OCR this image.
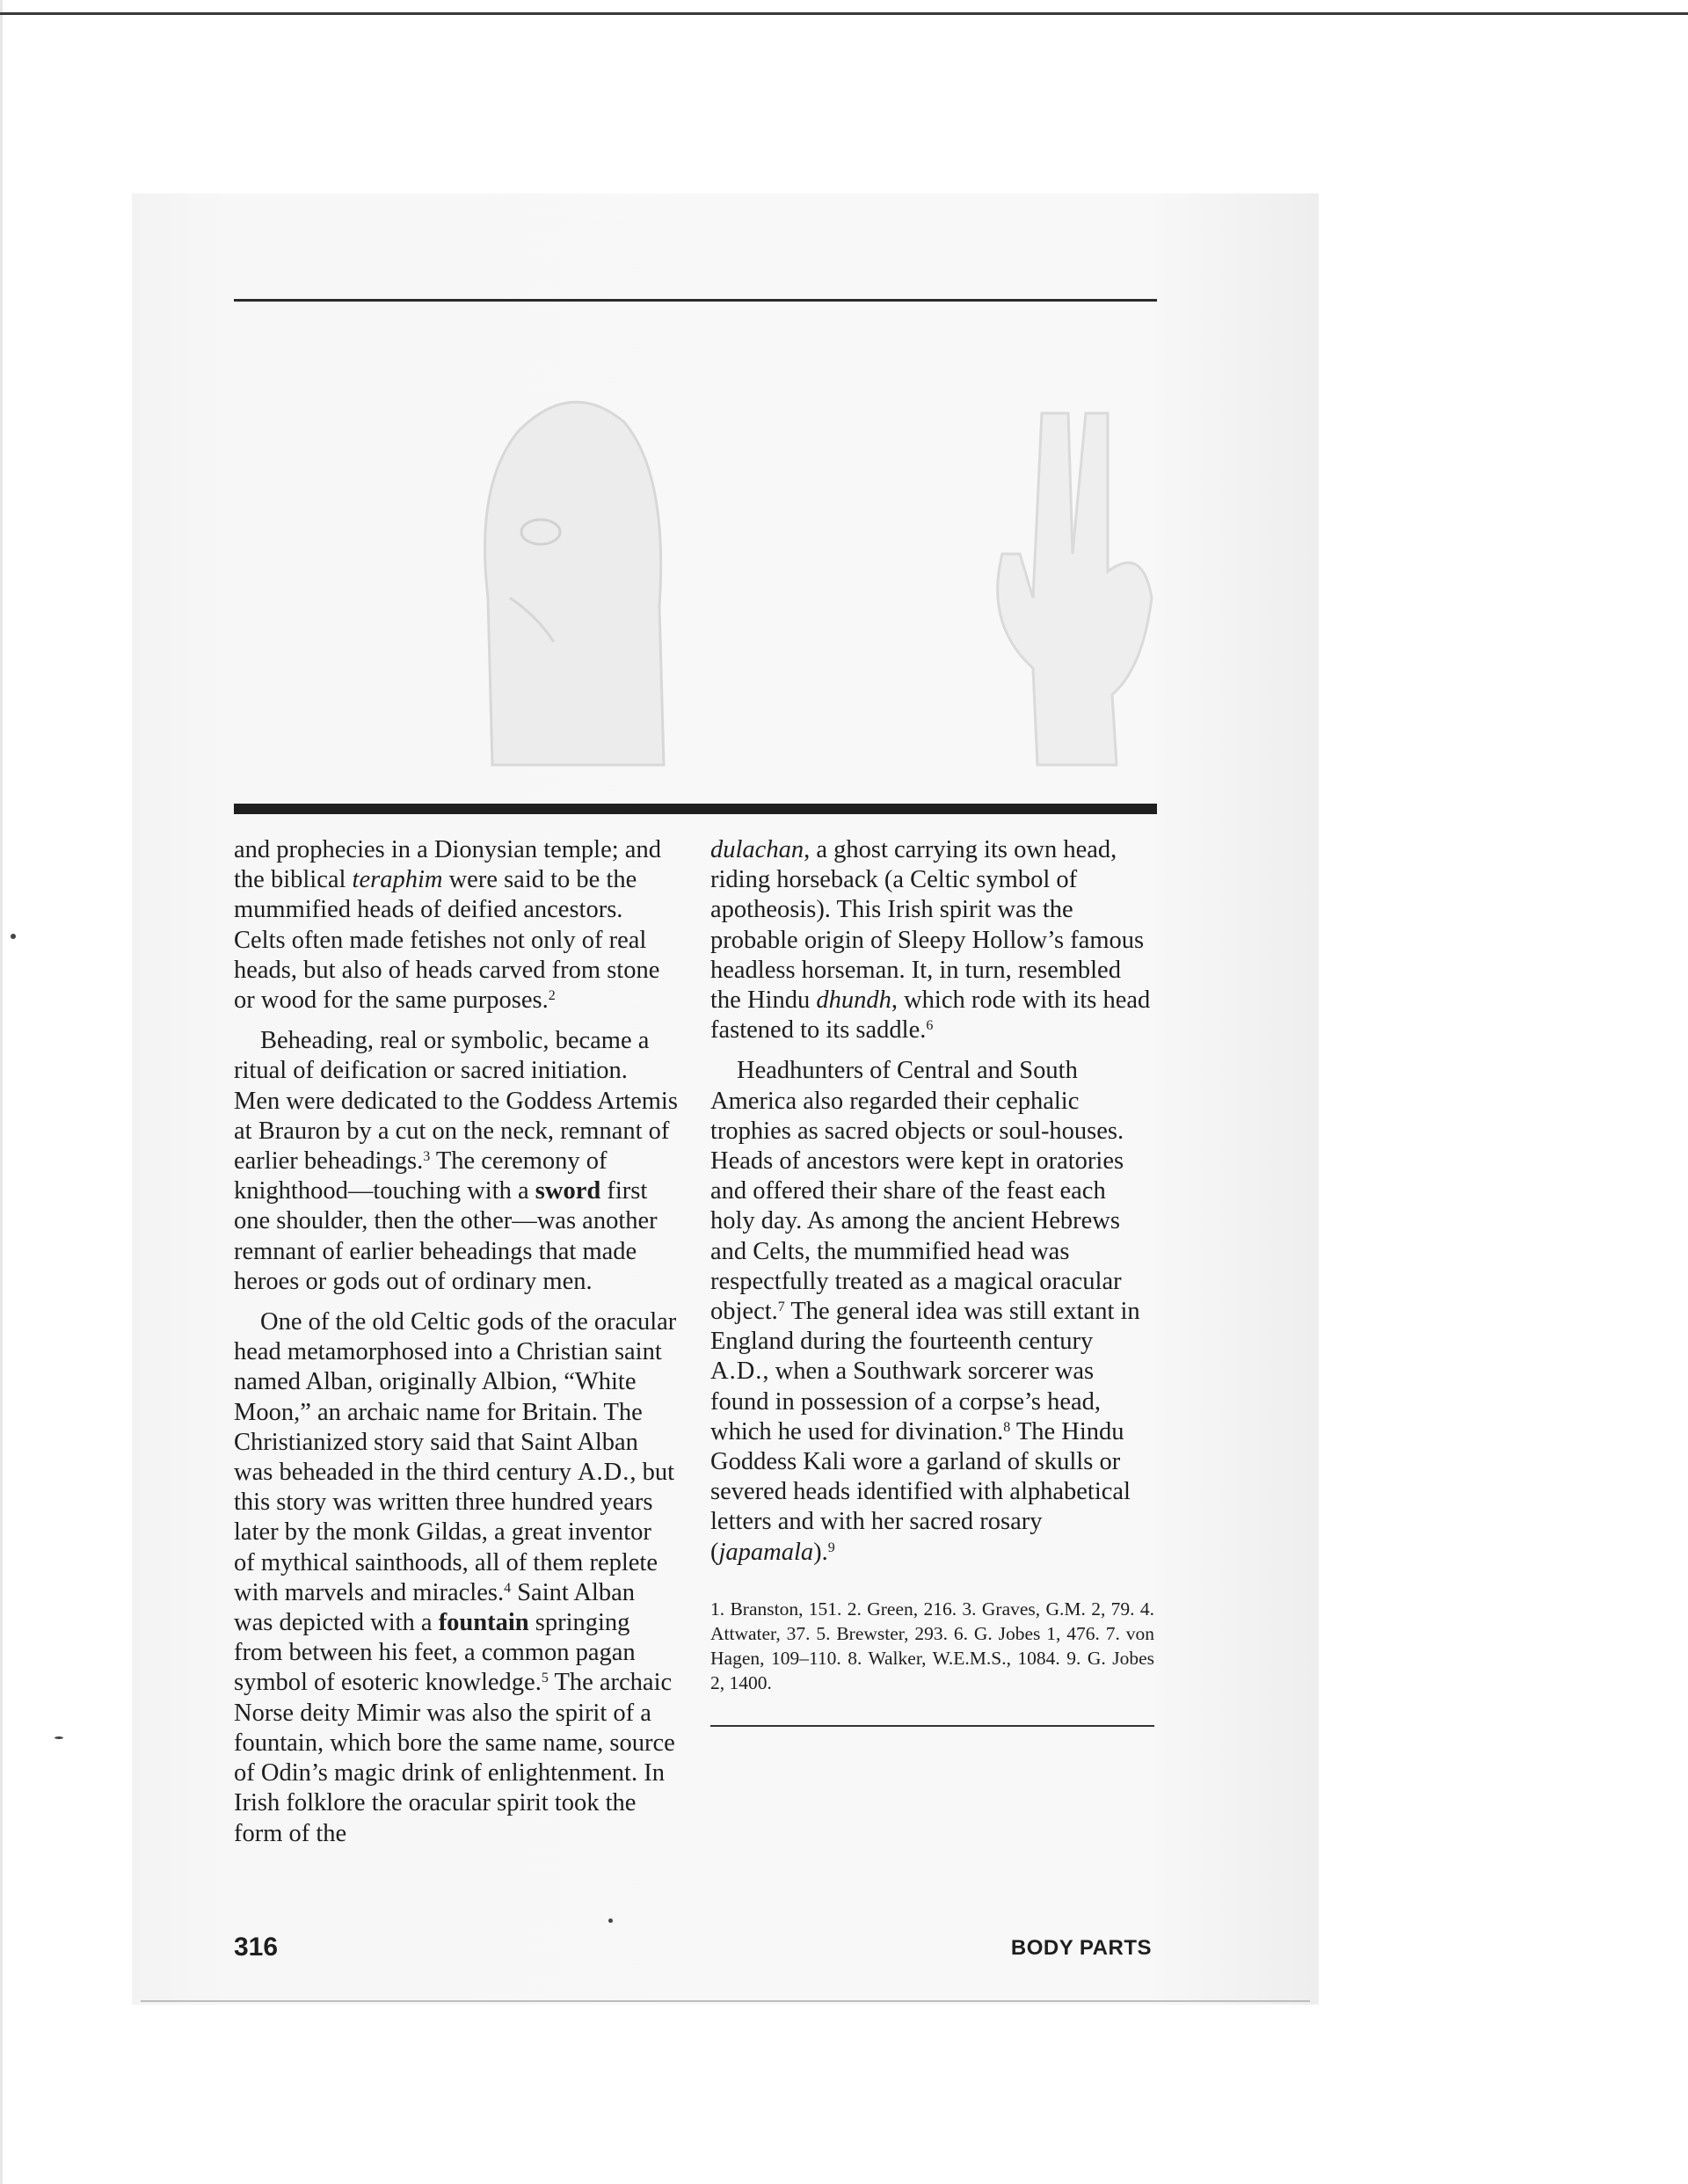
and prophecies in a Dionysian temple; and the biblical teraphim were said to be the mummified heads of deified ancestors. Celts often made fetishes not only of real heads, but also of heads carved from stone or wood for the same purposes.$^2$

Beheading, real or symbolic, became a ritual of deification or sacred initiation. Men were dedicated to the Goddess Artemis at Brauron by a cut on the neck, remnant of earlier beheadings.$^3$ The ceremony of knighthood—touching with a sword first one shoulder, then the other—was another remnant of earlier beheadings that made heroes or gods out of ordinary men.

One of the old Celtic gods of the oracular head metamorphosed into a Christian saint named Alban, originally Albion, “White Moon,” an archaic name for Britain. The Christianized story said that Saint Alban was beheaded in the third century A.D., but this story was written three hundred years later by the monk Gildas, a great inventor of mythical sainthoods, all of them replete with marvels and miracles.$^4$ Saint Alban was depicted with a fountain springing from between his feet, a common pagan symbol of esoteric knowledge.$^5$ The archaic Norse deity Mimir was also the spirit of a fountain, which bore the same name, source of Odin’s magic drink of enlightenment. In Irish folklore the oracular spirit took the form of the

dulachan, a ghost carrying its own head, riding horseback (a Celtic symbol of apotheosis). This Irish spirit was the probable origin of Sleepy Hollow’s famous headless horseman. It, in turn, resembled the Hindu dhundh, which rode with its head fastened to its saddle.$^6$

Headhunters of Central and South America also regarded their cephalic trophies as sacred objects or soul-houses. Heads of ancestors were kept in oratories and offered their share of the feast each holy day. As among the ancient Hebrews and Celts, the mummified head was respectfully treated as a magical oracular object.$^7$ The general idea was still extant in England during the fourteenth century A.D., when a Southwark sorcerer was found in possession of a corpse’s head, which he used for divination.$^8$ The Hindu Goddess Kali wore a garland of skulls or severed heads identified with alphabetical letters and with her sacred rosary (japamala).$^9$

1. Branston, 151. 2. Green, 216. 3. Graves, G.M. 2, 79. 4. Attwater, 37. 5. Brewster, 293. 6. G. Jobes 1, 476. 7. von Hagen, 109–110. 8. Walker, W.E.M.S., 1084. 9. G. Jobes 2, 1400.
316	BODY PARTS
